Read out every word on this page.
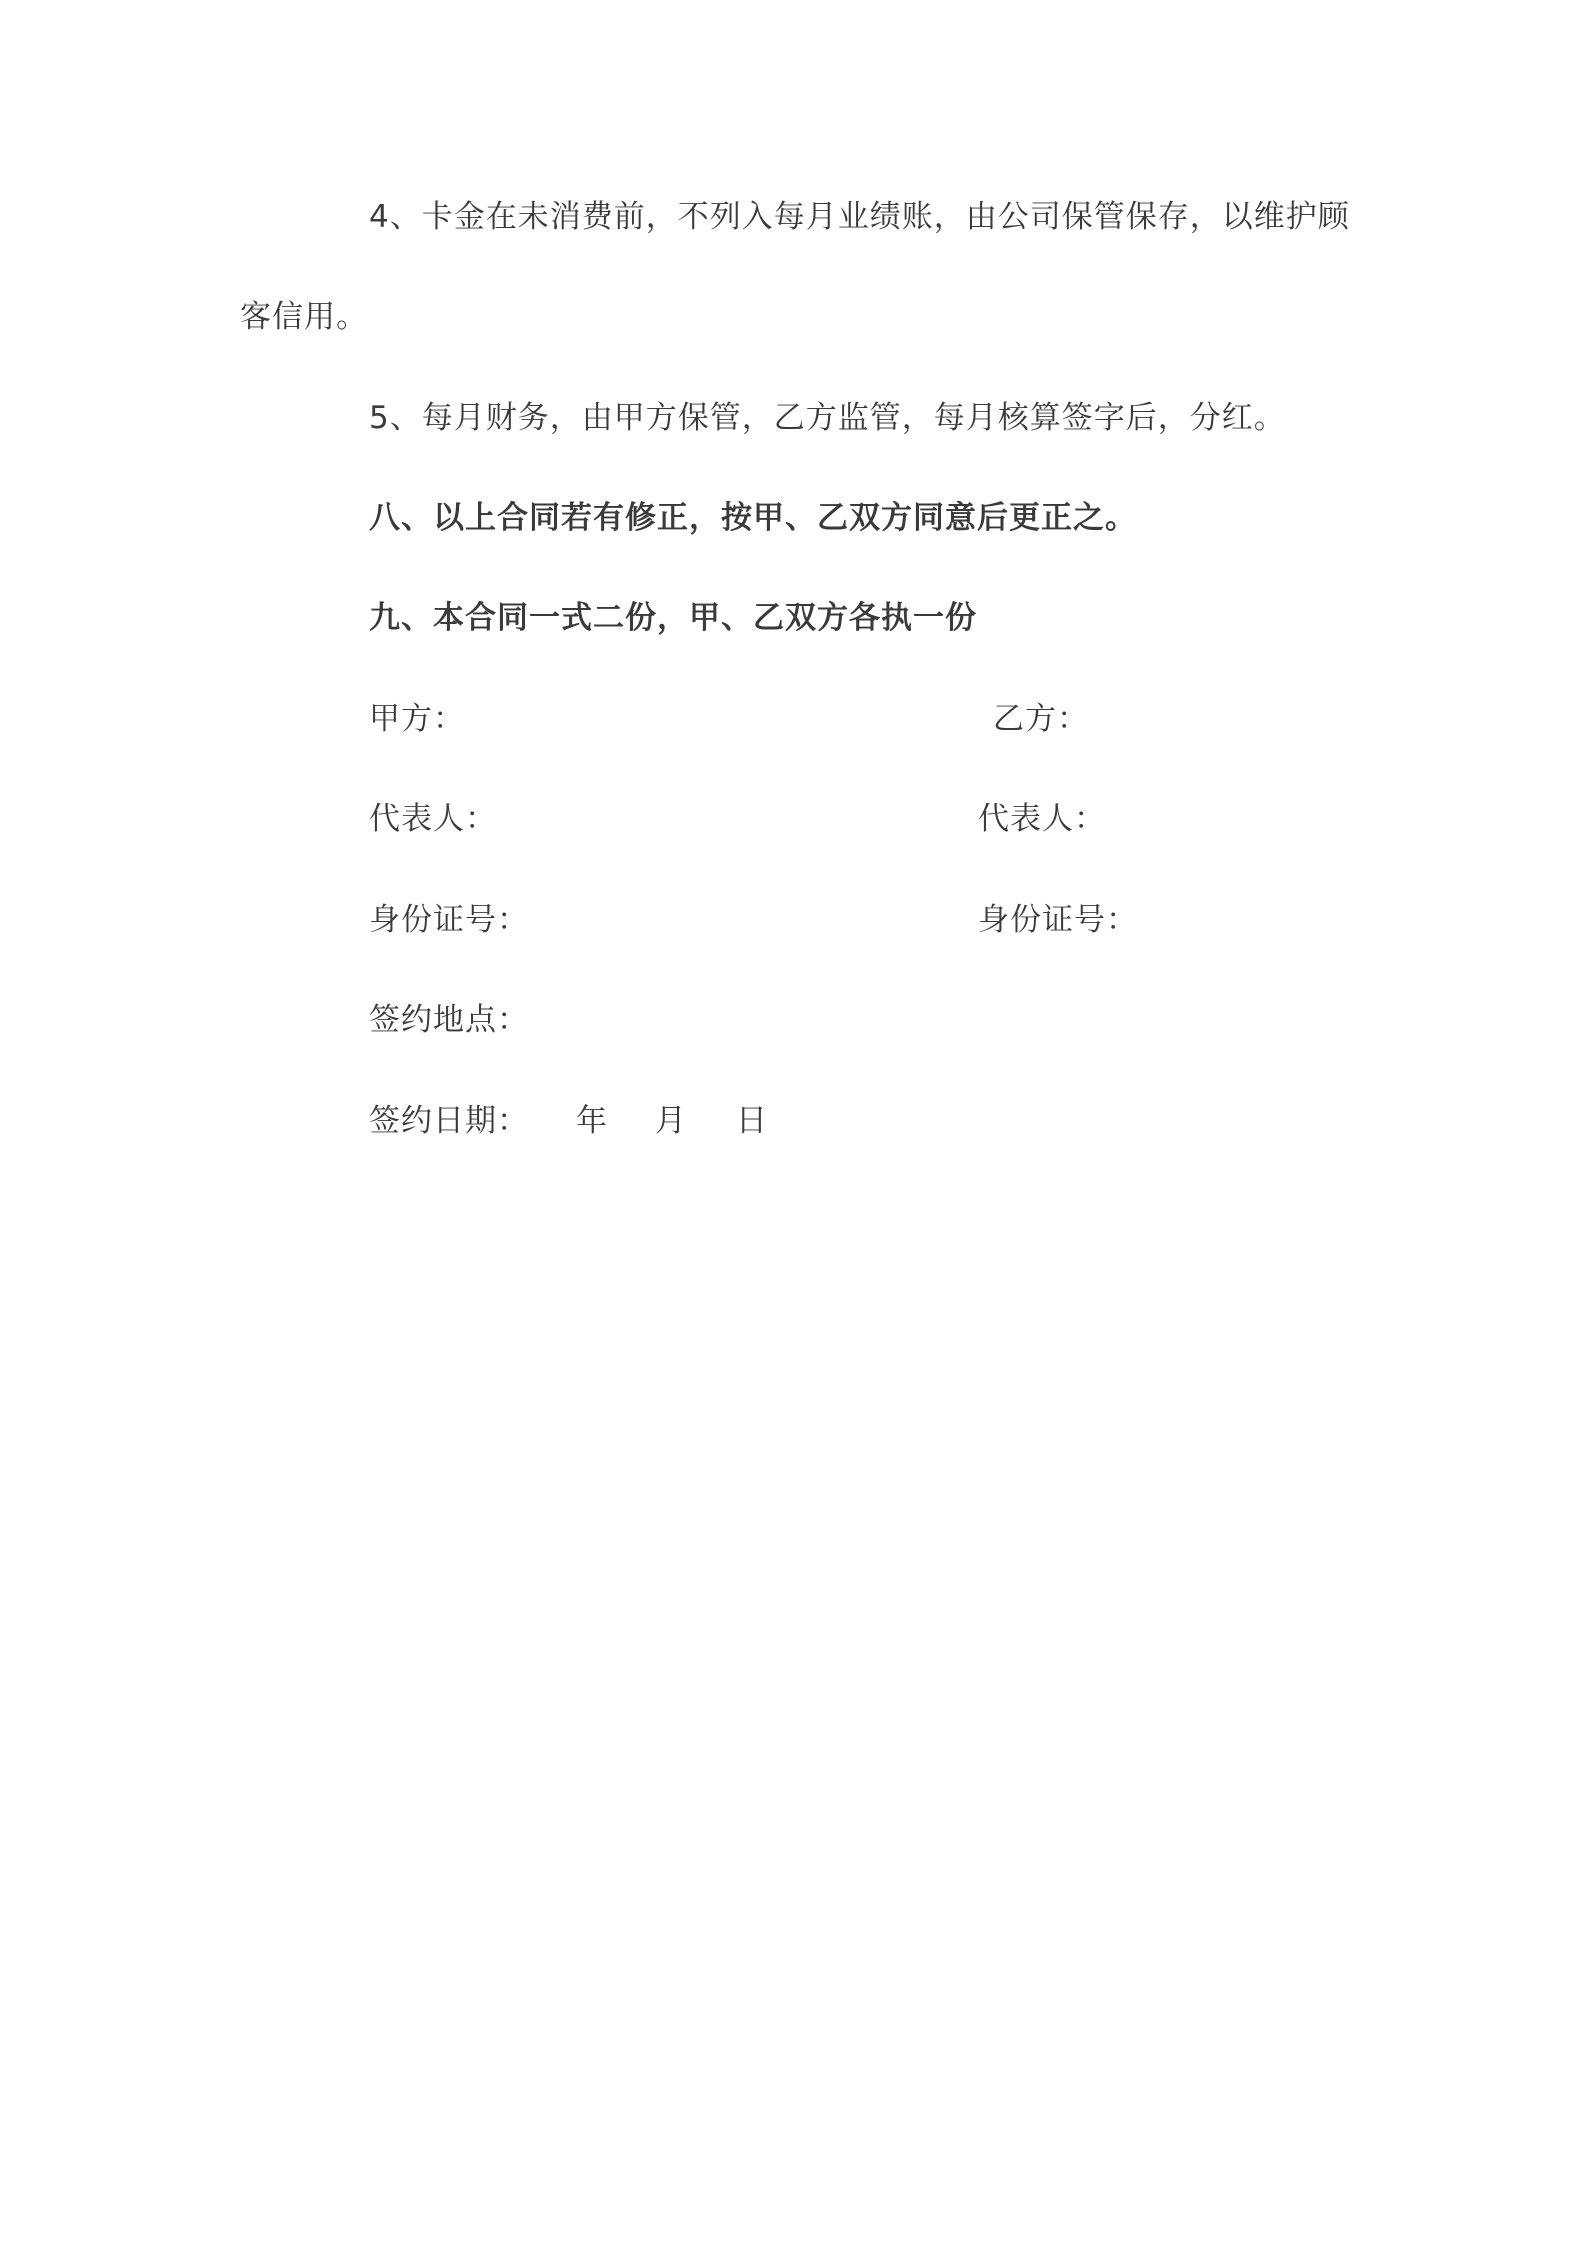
4、卡金在未消费前，不列入每月业绩账，由公司保管保存，以维护顾
客信用。
5、每月财务，由甲方保管，乙方监管，每月核算签字后，分红。
八、以上合同若有修正，按甲、乙双方同意后更正之。
九、本合同一式二份，甲、乙双方各执一份
甲方：	乙方：
代表人：	代表人：
身份证号：	身份证号：
签约地点：
签约日期： 年 月 日
